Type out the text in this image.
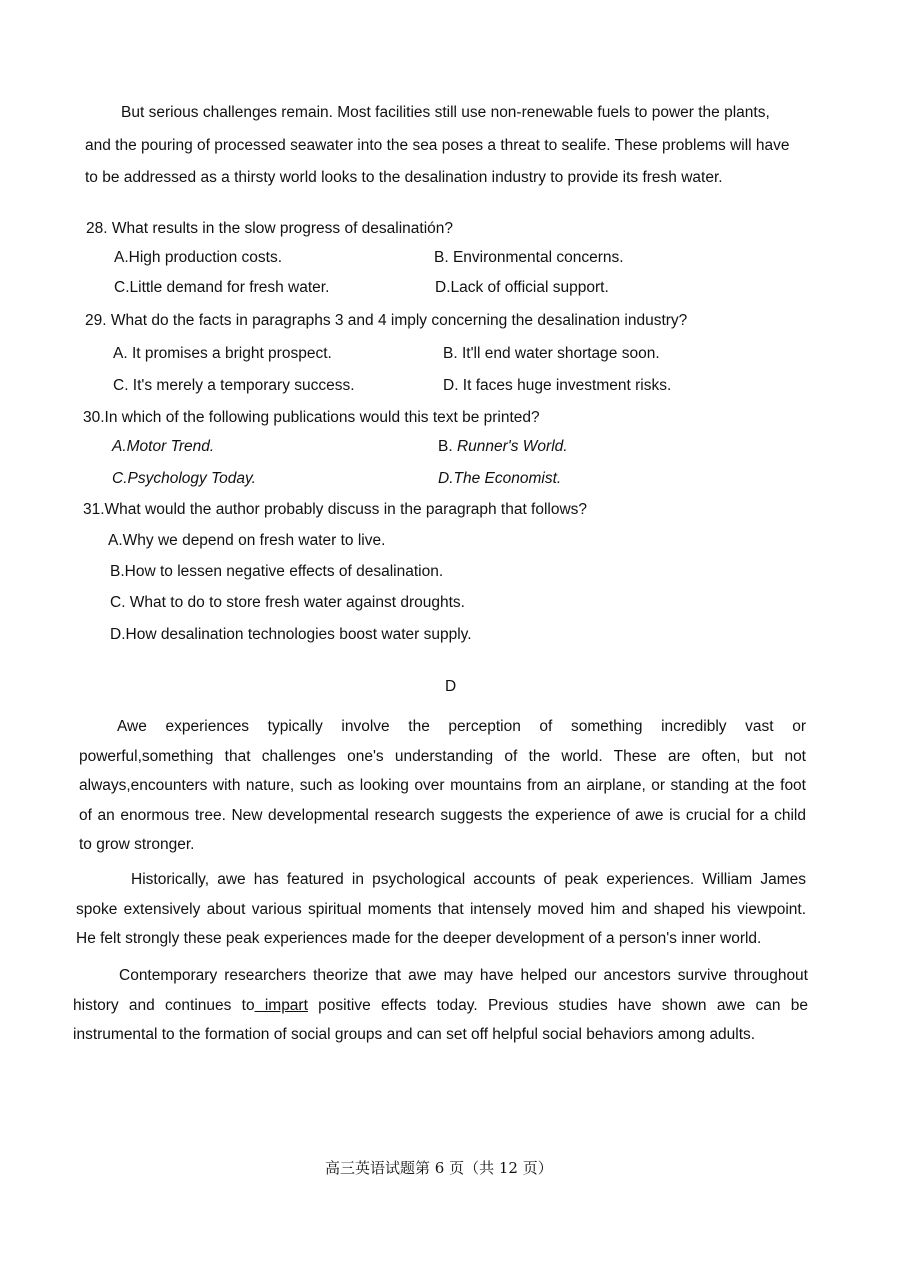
But serious challenges remain. Most facilities still use non-renewable fuels to power the plants,
and the pouring of processed seawater into the sea poses a threat to sealife. These problems will have
to be addressed as a thirsty world looks to the desalination industry to provide its fresh water.
28. What results in the slow progress of desalinatión?
A.High production costs.	B. Environmental concerns.
C.Little demand for fresh water.	D.Lack of official support.
29. What do the facts in paragraphs 3 and 4 imply concerning the desalination industry?
A. It promises a bright prospect.	B. It'll end water shortage soon.
C. It's merely a temporary success.	D. It faces huge investment risks.
30.In which of the following publications would this text be printed?
A.Motor Trend.	B. Runner's World.
C.Psychology Today.	D.The Economist.
31.What would the author probably discuss in the paragraph that follows?
A.Why we depend on fresh water to live.
B.How to lessen negative effects of desalination.
C. What to do to store fresh water against droughts.
D.How desalination technologies boost water supply.
D
Awe experiences typically involve the perception of something incredibly vast or
powerful,something that challenges one's understanding of the world. These are often, but not
always,encounters with nature, such as looking over mountains from an airplane, or standing at the foot
of an enormous tree. New developmental research suggests the experience of awe is crucial for a child
to grow stronger.
Historically, awe has featured in psychological accounts of peak experiences. William James
spoke extensively about various spiritual moments that intensely moved him and shaped his viewpoint.
He felt strongly these peak experiences made for the deeper development of a person's inner world.
Contemporary researchers theorize that awe may have helped our ancestors survive throughout
history and continues to impart positive effects today. Previous studies have shown awe can be
instrumental to the formation of social groups and can set off helpful social behaviors among adults.
高三英语试题第 6 页（共 12 页）
